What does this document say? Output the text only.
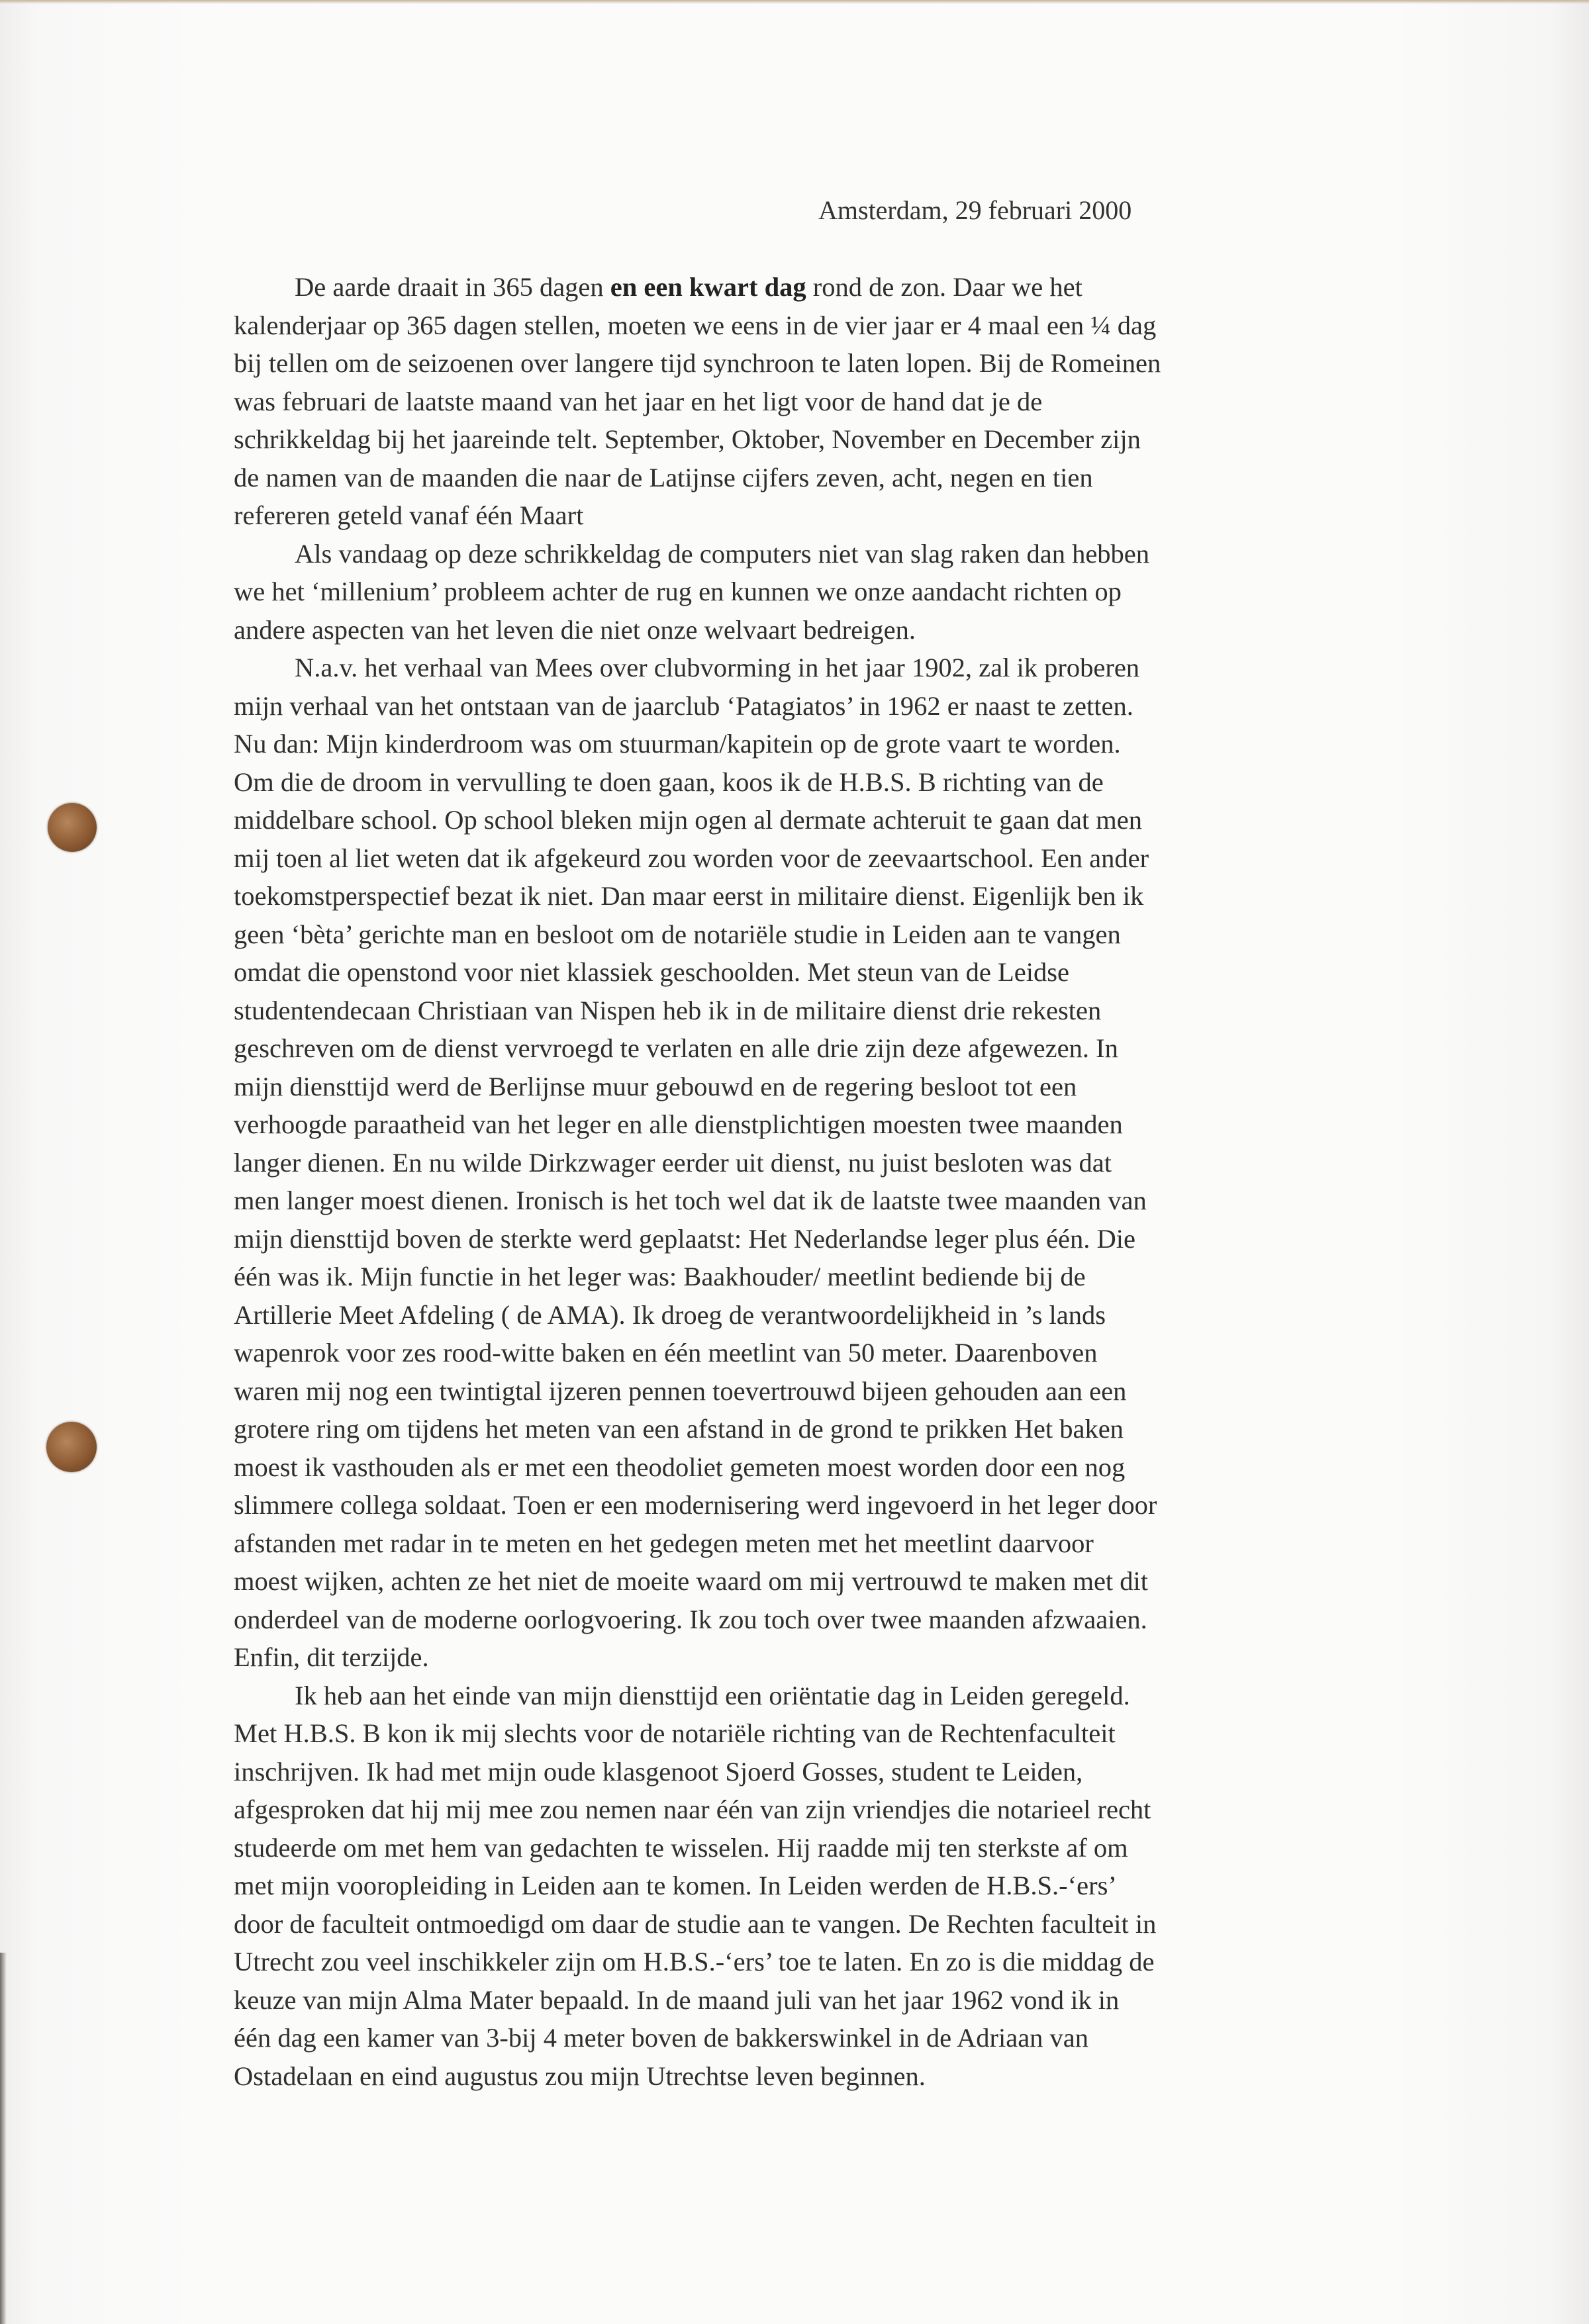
Amsterdam, 29 februari 2000
De aarde draait in 365 dagen en een kwart dag rond de zon. Daar we het
kalenderjaar op 365 dagen stellen, moeten we eens in de vier jaar er 4 maal een ¼ dag
bij tellen om de seizoenen over langere tijd synchroon te laten lopen. Bij de Romeinen
was februari de laatste maand van het jaar en het ligt voor de hand dat je de
schrikkeldag bij het jaareinde telt. September, Oktober, November en December zijn
de namen van de maanden die naar de Latijnse cijfers zeven, acht, negen en tien
refereren geteld vanaf één Maart
Als vandaag op deze schrikkeldag de computers niet van slag raken dan hebben
we het ‘millenium’ probleem achter de rug en kunnen we onze aandacht richten op
andere aspecten van het leven die niet onze welvaart bedreigen.
N.a.v. het verhaal van Mees over clubvorming in het jaar 1902, zal ik proberen
mijn verhaal van het ontstaan van de jaarclub ‘Patagiatos’ in 1962 er naast te zetten.
Nu dan: Mijn kinderdroom was om stuurman/kapitein op de grote vaart te worden.
Om die de droom in vervulling te doen gaan, koos ik de H.B.S. B richting van de
middelbare school. Op school bleken mijn ogen al dermate achteruit te gaan dat men
mij toen al liet weten dat ik afgekeurd zou worden voor de zeevaartschool. Een ander
toekomstperspectief bezat ik niet. Dan maar eerst in militaire dienst. Eigenlijk ben ik
geen ‘bèta’ gerichte man en besloot om de notariële studie in Leiden aan te vangen
omdat die openstond voor niet klassiek geschoolden. Met steun van de Leidse
studentendecaan Christiaan van Nispen heb ik in de militaire dienst drie rekesten
geschreven om de dienst vervroegd te verlaten en alle drie zijn deze afgewezen. In
mijn diensttijd werd de Berlijnse muur gebouwd en de regering besloot tot een
verhoogde paraatheid van het leger en alle dienstplichtigen moesten twee maanden
langer dienen. En nu wilde Dirkzwager eerder uit dienst, nu juist besloten was dat
men langer moest dienen. Ironisch is het toch wel dat ik de laatste twee maanden van
mijn diensttijd boven de sterkte werd geplaatst: Het Nederlandse leger plus één. Die
één was ik. Mijn functie in het leger was: Baakhouder/ meetlint bediende bij de
Artillerie Meet Afdeling ( de AMA). Ik droeg de verantwoordelijkheid in ’s lands
wapenrok voor zes rood-witte baken en één meetlint van 50 meter. Daarenboven
waren mij nog een twintigtal ijzeren pennen toevertrouwd bijeen gehouden aan een
grotere ring om tijdens het meten van een afstand in de grond te prikken Het baken
moest ik vasthouden als er met een theodoliet gemeten moest worden door een nog
slimmere collega soldaat. Toen er een modernisering werd ingevoerd in het leger door
afstanden met radar in te meten en het gedegen meten met het meetlint daarvoor
moest wijken, achten ze het niet de moeite waard om mij vertrouwd te maken met dit
onderdeel van de moderne oorlogvoering. Ik zou toch over twee maanden afzwaaien.
Enfin, dit terzijde.
Ik heb aan het einde van mijn diensttijd een oriëntatie dag in Leiden geregeld.
Met H.B.S. B kon ik mij slechts voor de notariële richting van de Rechtenfaculteit
inschrijven. Ik had met mijn oude klasgenoot Sjoerd Gosses, student te Leiden,
afgesproken dat hij mij mee zou nemen naar één van zijn vriendjes die notarieel recht
studeerde om met hem van gedachten te wisselen. Hij raadde mij ten sterkste af om
met mijn vooropleiding in Leiden aan te komen. In Leiden werden de H.B.S.-‘ers’
door de faculteit ontmoedigd om daar de studie aan te vangen. De Rechten faculteit in
Utrecht zou veel inschikkeler zijn om H.B.S.-‘ers’ toe te laten. En zo is die middag de
keuze van mijn Alma Mater bepaald. In de maand juli van het jaar 1962 vond ik in
één dag een kamer van 3-bij 4 meter boven de bakkerswinkel in de Adriaan van
Ostadelaan en eind augustus zou mijn Utrechtse leven beginnen.
